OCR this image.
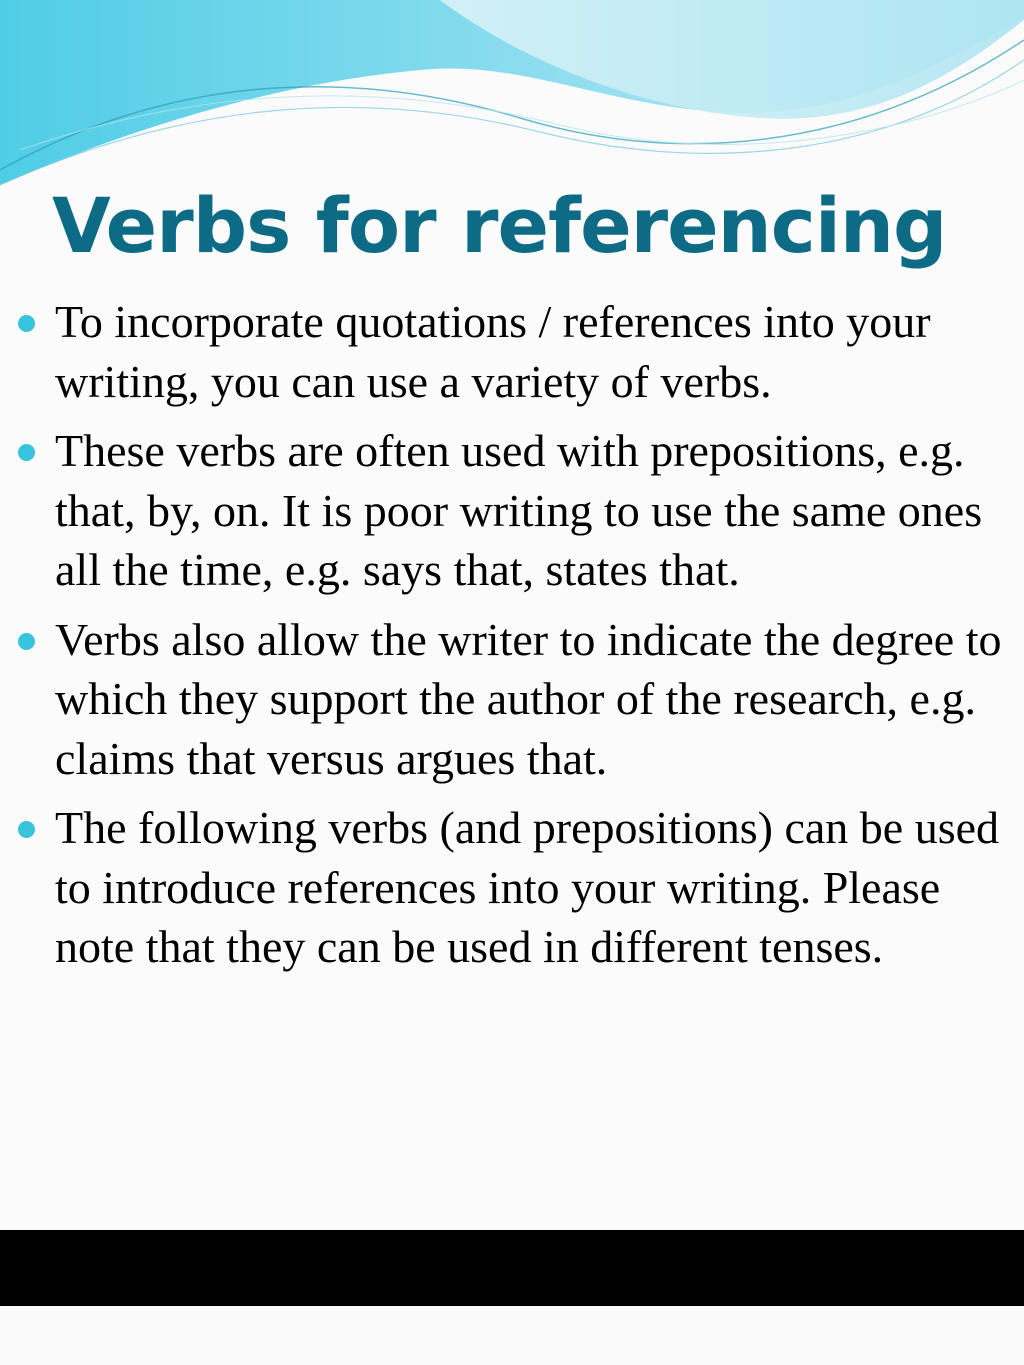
Verbs for referencing
To incorporate quotations / references into your writing, you can use a variety of verbs.
These verbs are often used with prepositions, e.g. that, by, on. It is poor writing to use the same ones all the time, e.g. says that, states that.
Verbs also allow the writer to indicate the degree to which they support the author of the research, e.g. claims that versus argues that.
The following verbs (and prepositions) can be used to introduce references into your writing. Please note that they can be used in different tenses.
